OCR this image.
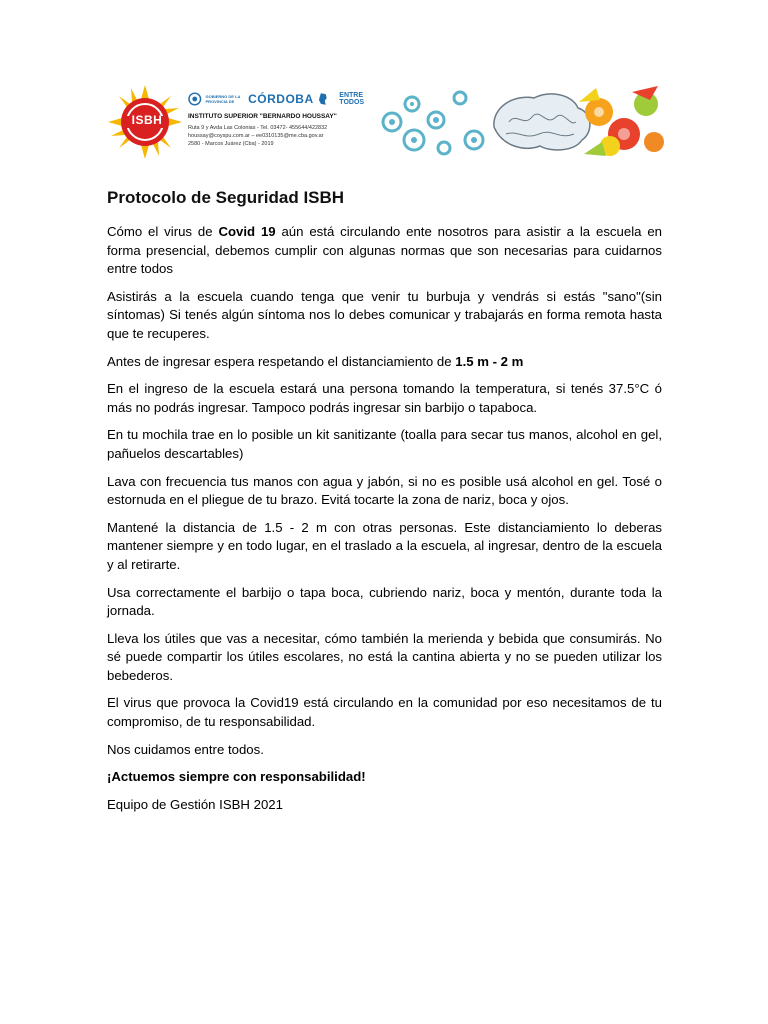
ISBH
GOBIERNO DE LA PROVINCIA DE	CÓRDOBA	ENTRE TODOS
INSTITUTO SUPERIOR "BERNARDO HOUSSAY"
Ruta 9 y Avda Las Colonias - Tel. 03472- 455644/422832
houssay@coyspu.com.ar – ee0310135@me.cba.gov.ar
2580 - Marcos Juárez (Cba) - 2019
Protocolo de Seguridad ISBH

Cómo el virus de Covid 19 aún está circulando ente nosotros para asistir a la escuela en forma presencial, debemos cumplir con algunas normas que son necesarias para cuidarnos entre todos

Asistirás a la escuela cuando tenga que venir tu burbuja y vendrás si estás "sano"(sin síntomas) Si tenés algún síntoma nos lo debes comunicar y trabajarás en forma remota hasta que te recuperes.

Antes de ingresar espera respetando el distanciamiento de 1.5 m - 2 m

En el ingreso de la escuela estará una persona tomando la temperatura, si tenés 37.5°C ó más no podrás ingresar. Tampoco podrás ingresar sin barbijo o tapaboca.

En tu mochila trae en lo posible un kit sanitizante (toalla para secar tus manos, alcohol en gel, pañuelos descartables)

Lava con frecuencia tus manos con agua y jabón, si no es posible usá alcohol en gel. Tosé o estornuda en el pliegue de tu brazo. Evitá tocarte la zona de nariz, boca y ojos.

Mantené la distancia de 1.5 - 2 m con otras personas. Este distanciamiento lo deberas mantener siempre y en todo lugar, en el traslado a la escuela, al ingresar, dentro de la escuela y al retirarte.

Usa correctamente el barbijo o tapa boca, cubriendo nariz, boca y mentón, durante toda la jornada.

Lleva los útiles que vas a necesitar, cómo también la merienda y bebida que consumirás. No sé puede compartir los útiles escolares, no está la cantina abierta y no se pueden utilizar los bebederos.

El virus que provoca la Covid19 está circulando en la comunidad por eso necesitamos de tu compromiso, de tu responsabilidad.

Nos cuidamos entre todos.

¡Actuemos siempre con responsabilidad!

Equipo de Gestión ISBH 2021
